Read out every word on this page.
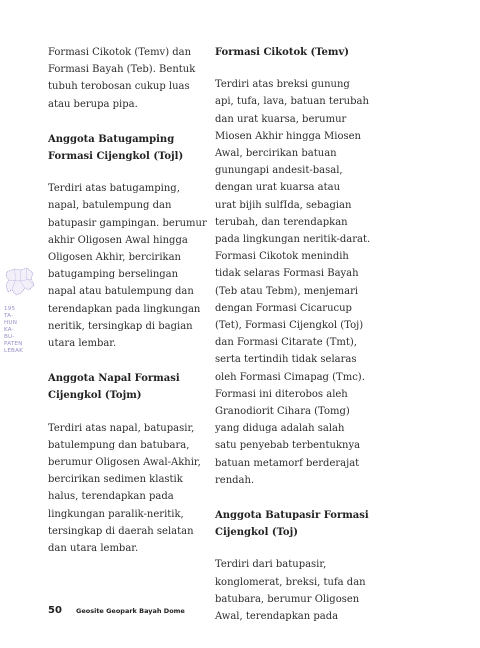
Formasi Cikotok (Temv) dan
Formasi Bayah (Teb). Bentuk
tubuh terobosan cukup luas
atau berupa pipa.

Anggota Batugamping
Formasi Cijengkol (Tojl)

Terdiri atas batugamping,
napal, batulempung dan
batupasir gampingan. berumur
akhir Oligosen Awal hingga
Oligosen Akhir, bercirikan
batugamping berselingan
napal atau batulempung dan
terendapkan pada lingkungan
neritik, tersingkap di bagian
utara lembar.

Anggota Napal Formasi
Cijengkol (Tojm)

Terdiri atas napal, batupasir,
batulempung dan batubara,
berumur Oligosen Awal-Akhir,
bercirikan sedimen klastik
halus, terendapkan pada
lingkungan paralik-neritik,
tersingkap di daerah selatan
dan utara lembar.

Formasi Cikotok (Temv)

Terdiri atas breksi gunung
api, tufa, lava, batuan terubah
dan urat kuarsa, berumur
Miosen Akhir hingga Miosen
Awal, bercirikan batuan
gunungapi andesit-basal,
dengan urat kuarsa atau
urat bijih sulfIda, sebagian
terubah, dan terendapkan
pada lingkungan neritik-darat.
Formasi Cikotok menindih
tidak selaras Formasi Bayah
(Teb atau Tebm), menjemari
dengan Formasi Cicarucup
(Tet), Formasi Cijengkol (Toj)
dan Formasi Citarate (Tmt),
serta tertindih tidak selaras
oleh Formasi Cimapag (Tmc).
Formasi ini diterobos aleh
Granodiorit Cihara (Tomg)
yang diduga adalah salah
satu penyebab terbentuknya
batuan metamorf berderajat
rendah.

Anggota Batupasir Formasi
Cijengkol (Toj)

Terdiri dari batupasir,
konglomerat, breksi, tufa dan
batubara, berumur Oligosen
Awal, terendapkan pada

195
TA-
HUN
KA-
BU-
PATEN
LEBAK
50 Geosite Geopark Bayah Dome
